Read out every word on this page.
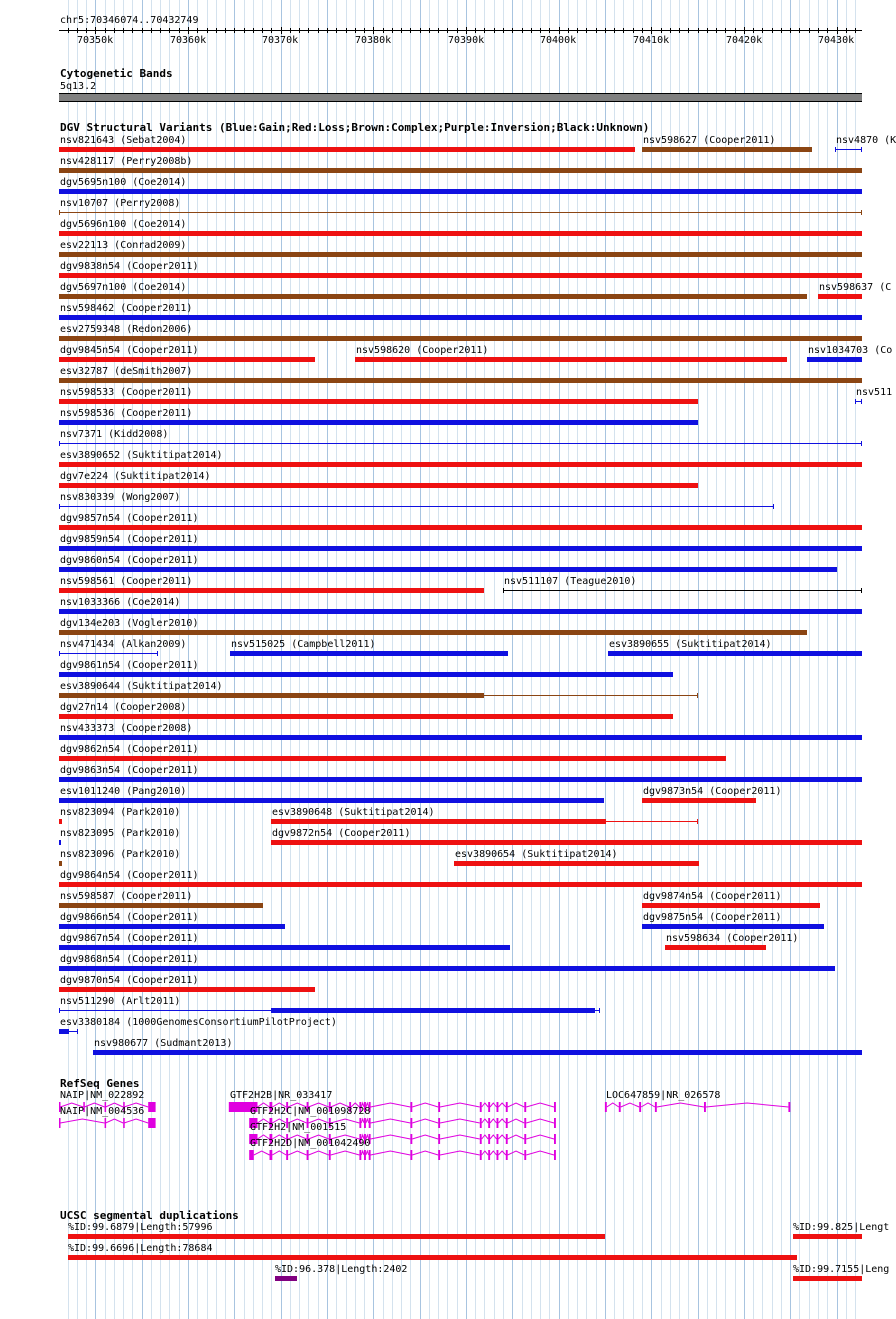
chr5:70346074..70432749
70350k	70360k	70370k	70380k	70390k	70400k	70410k	70420k	70430k
Cytogenetic Bands
5q13.2
DGV Structural Variants (Blue:Gain;Red:Loss;Brown:Complex;Purple:Inversion;Black:Unknown)
nsv821643 (Sebat2004)	nsv598627 (Cooper2011)	nsv4870 (K
nsv428117 (Perry2008b)
dgv5695n100 (Coe2014)
nsv10707 (Perry2008)
dgv5696n100 (Coe2014)
esv22113 (Conrad2009)
dgv9838n54 (Cooper2011)
dgv5697n100 (Coe2014)	nsv598637 (C
nsv598462 (Cooper2011)
esv2759348 (Redon2006)
dgv9845n54 (Cooper2011)	nsv598620 (Cooper2011)	nsv1034703 (Co
esv32787 (deSmith2007)
nsv598533 (Cooper2011)	nsv511
nsv598536 (Cooper2011)
nsv7371 (Kidd2008)
esv3890652 (Suktitipat2014)
dgv7e224 (Suktitipat2014)
nsv830339 (Wong2007)
dgv9857n54 (Cooper2011)
dgv9859n54 (Cooper2011)
dgv9860n54 (Cooper2011)
nsv598561 (Cooper2011)	nsv511107 (Teague2010)
nsv1033366 (Coe2014)
dgv134e203 (Vogler2010)
nsv471434 (Alkan2009)	nsv515025 (Campbell2011)	esv3890655 (Suktitipat2014)
dgv9861n54 (Cooper2011)
esv3890644 (Suktitipat2014)
dgv27n14 (Cooper2008)
nsv433373 (Cooper2008)
dgv9862n54 (Cooper2011)
dgv9863n54 (Cooper2011)
esv1011240 (Pang2010)	dgv9873n54 (Cooper2011)
nsv823094 (Park2010)	esv3890648 (Suktitipat2014)
nsv823095 (Park2010)	dgv9872n54 (Cooper2011)
nsv823096 (Park2010)	esv3890654 (Suktitipat2014)
dgv9864n54 (Cooper2011)
nsv598587 (Cooper2011)	dgv9874n54 (Cooper2011)
dgv9866n54 (Cooper2011)	dgv9875n54 (Cooper2011)
dgv9867n54 (Cooper2011)	nsv598634 (Cooper2011)
dgv9868n54 (Cooper2011)
dgv9870n54 (Cooper2011)
nsv511290 (Arlt2011)
esv3380184 (1000GenomesConsortiumPilotProject)
nsv980677 (Sudmant2013)
RefSeq Genes
NAIP|NM_022892	GTF2H2B|NR_033417	LOC647859|NR_026578
NAIP|NM_004536	GTF2H2C|NM_001098728
GTF2H2|NM_001515
GTF2H2D|NM_001042490
UCSC segmental duplications
%ID:99.6879|Length:57996	%ID:99.825|Lengt
%ID:99.6696|Length:78684
%ID:96.378|Length:2402	%ID:99.7155|Leng
